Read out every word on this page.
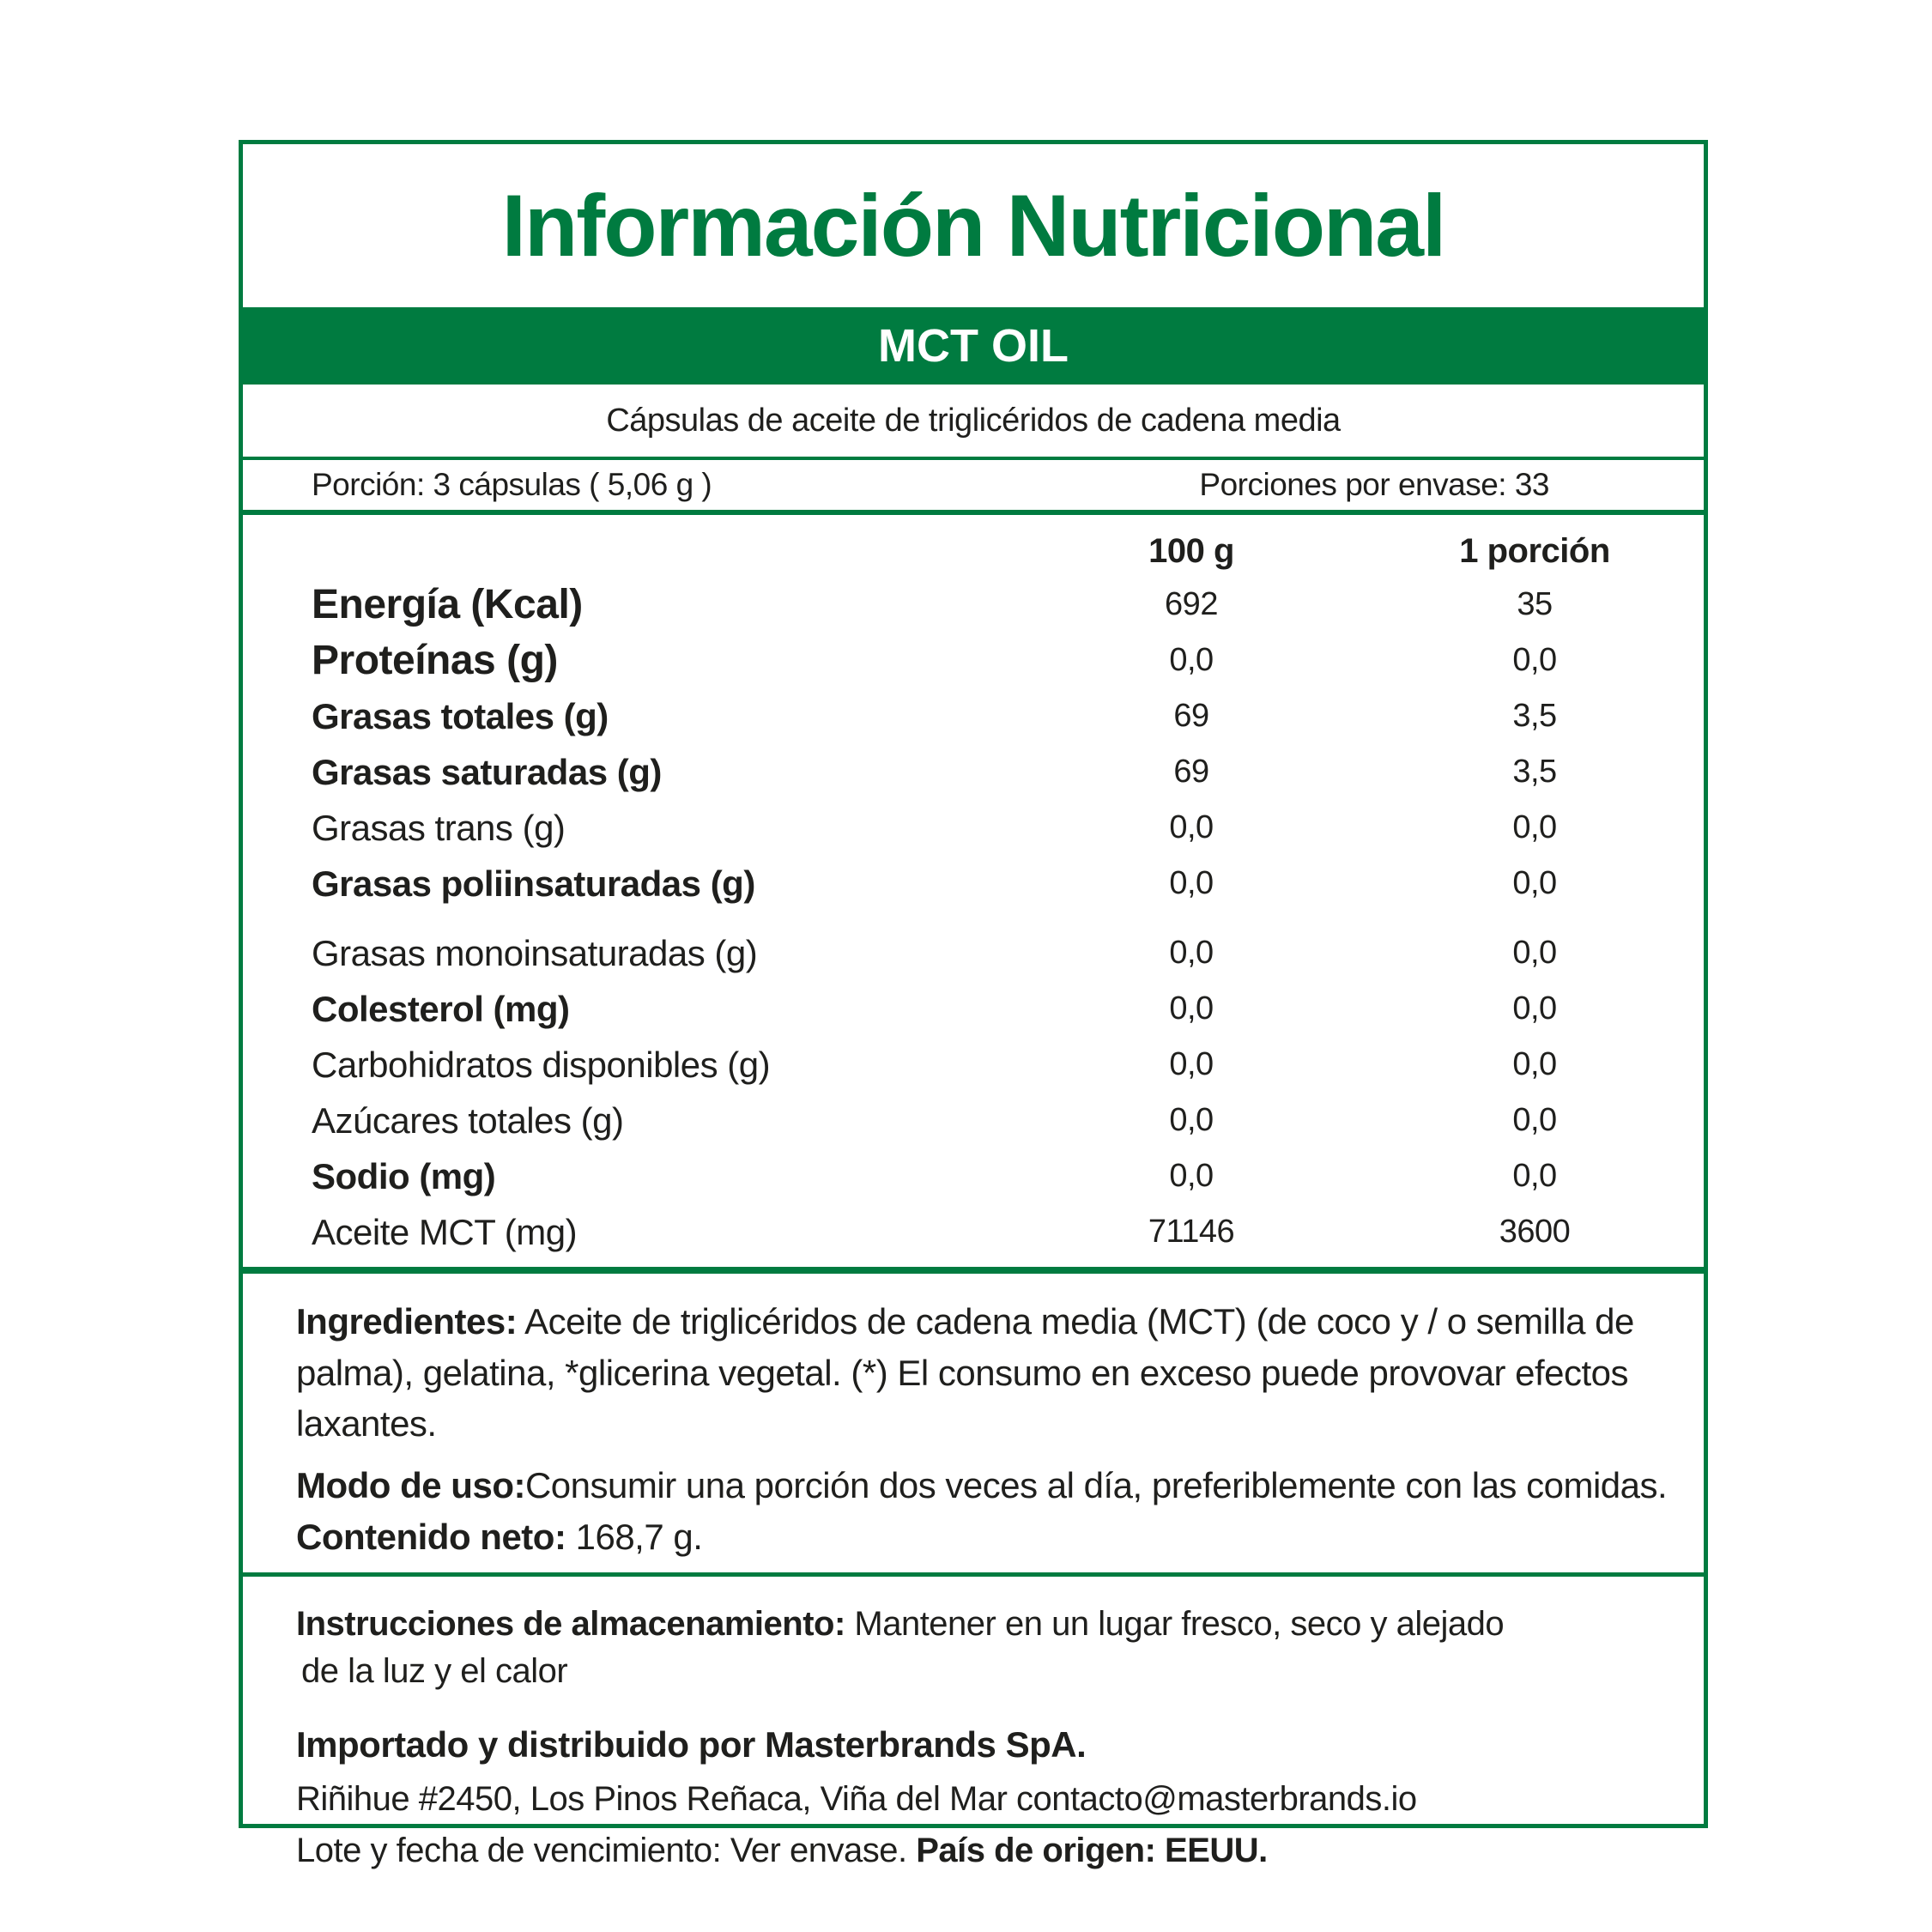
Información Nutricional
MCT OIL
Cápsulas de aceite de triglicéridos de cadena media
Porción: 3 cápsulas ( 5,06 g )	Porciones por envase: 33
100 g	1 porción
Energía (Kcal)	692	35
Proteínas (g)	0,0	0,0
Grasas totales (g)	69	3,5
Grasas saturadas (g)	69	3,5
Grasas trans (g)	0,0	0,0
Grasas poliinsaturadas (g)	0,0	0,0
Grasas monoinsaturadas (g)	0,0	0,0
Colesterol (mg)	0,0	0,0
Carbohidratos disponibles (g)	0,0	0,0
Azúcares totales (g)	0,0	0,0
Sodio (mg)	0,0	0,0
Aceite MCT (mg)	71146	3600

Ingredientes: Aceite de triglicéridos de cadena media (MCT) (de coco y / o semilla de palma), gelatina, *glicerina vegetal. (*) El consumo en exceso puede provovar efectos laxantes.

Modo de uso:Consumir una porción dos veces al día, preferiblemente con las comidas. Contenido neto: 168,7 g.

Instrucciones de almacenamiento: Mantener en un lugar fresco, seco y alejado
de la luz y el calor
Importado y distribuido por Masterbrands SpA.
Riñihue #2450, Los Pinos Reñaca, Viña del Mar contacto@masterbrands.io
Lote y fecha de vencimiento: Ver envase. País de origen: EEUU.
